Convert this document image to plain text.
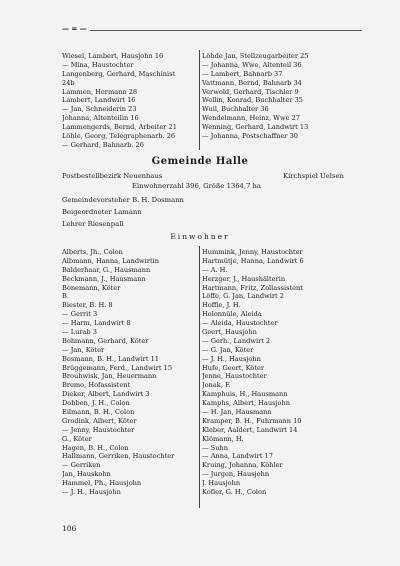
— = —
Wiesel, Lambert, Hausjohn 16
— Mina, Haustochter
Langenberg, Gerhard, Maschinist
24b
Lammen, Hermann 28
Lambert, Landwirt 16
— Jan, Schneiderin 23
Johanna, Altenteilin 16
Lammengerds, Bernd, Arbeiter 21
Löhle, Georg, Telegraphenarb. 26
— Gerhard, Bahnarb. 26
Löhde Jan, Stellzeugarbeiter 25
— Johanna, Wwe, Altenteil 36
— Lambert, Bahnarb 37
Vattmann, Bernd, Bahnarb 34
Verwold, Gerhard, Tischler 9
Wellin, Konrad, Buchhalter 35
Wuil, Buchhalter 36
Wendelmann, Heinz, Wwe 27
Wenning, Gerhard, Landwirt 13
— Johanna, Postschaffner 30
Gemeinde Halle
Postbestellbezirk Neuenhaus	Kirchspiel Uelsen
Einwohnerzahl 396, Größe 1364,7 ha
Gemeindevorsteher B. H. Dosmann
Beigeordneter Lamann
Lehrer Riesenpall
Einwohner
Alberts, Jh., Colon
Albmann, Hanna, Landwirtin
Balderhaar, G., Hausmann
Beckmann, J., Hausmann
Bonemann, Köter
B.
Biester, B. H. 8
— Gerrit 3
— Harm, Landwirt 8
— Lurab 3
Bohmann, Gerhard, Köter
— Jan, Köter
Bosmann, B. H., Landwirt 11
Brüggemann, Ferd., Landwirt 15
Brouhwisk, Jan, Heuermann
Bremo, Hofassistent
Dieker, Albert, Landwirt 3
Dobben, J. H., Colon
Eilmann, B. H., Colon
Grodink, Albert, Köter
— Jenny, Haustochter
G., Köter
Hagen, B. H., Colon
Hallmann, Gerriken, Haustochter
— Gerriken
Jan, Hauskohn
Hammel, Ph., Hausjohn
— J. H., Hausjohn
Hummink, Jenny, Haustochter
Hartmütje, Hanna, Landwirt 6
— A. H.
Herzger, J., Haushälterin
Hartmann, Fritz, Zollassistent
Löffe, G. Jan, Landwirt 2
Hoffie, J. H.
Holonnüle, Aleida
— Aleida, Haustochter
Geert, Hausjohn
— Gerh., Landwirt 2
— G. Jan, Köter
— J. H., Hausjohn
Hufe, Geert, Köter
Jenne, Haustochter
Jonak, F.
Kamphuis, H., Hausmann
Kamphs, Albert, Hausjohn
— H. Jan, Hausmann
Kramper, B. H., Fuhrmann 10
Kleber, Aaldert, Landwirt 14
Klömann, H.
— Suhn
— Anna, Landwirt 17
Kruing, Johanna, Köhler
— Jurgen, Hausjohn
J. Hausjohn
Kofler, G. H., Colon
106
